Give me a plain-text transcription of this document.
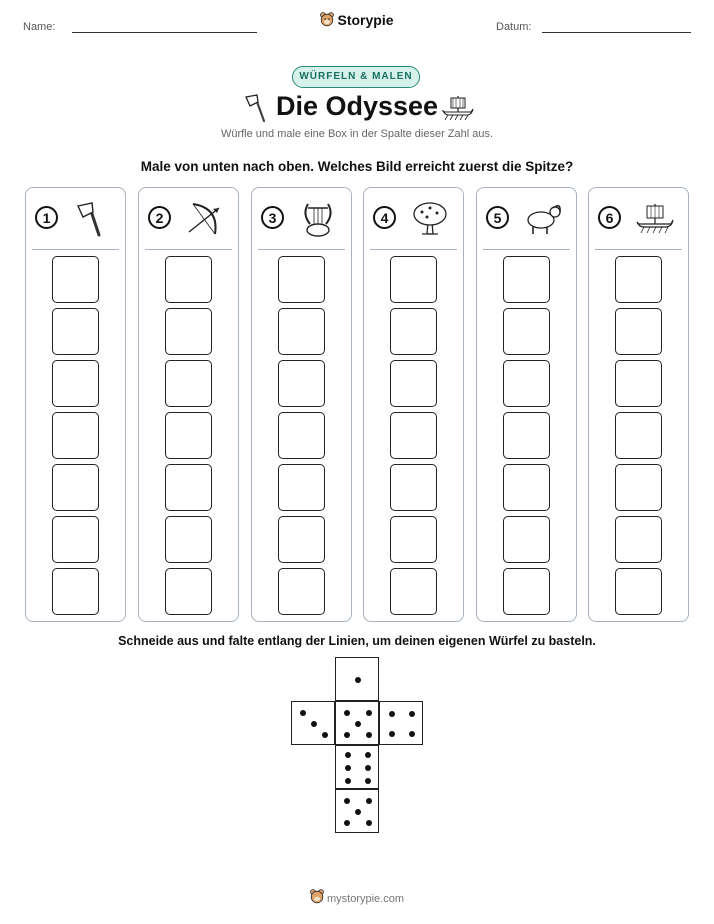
Name:	Storypie	Datum:
WÜRFELN & MALEN
Die Odyssee
Würfle und male eine Box in der Spalte dieser Zahl aus.
Male von unten nach oben. Welches Bild erreicht zuerst die Spitze?
1	2	3	4	5	6
Schneide aus und falte entlang der Linien, um deinen eigenen Würfel zu basteln.
mystorypie.com
